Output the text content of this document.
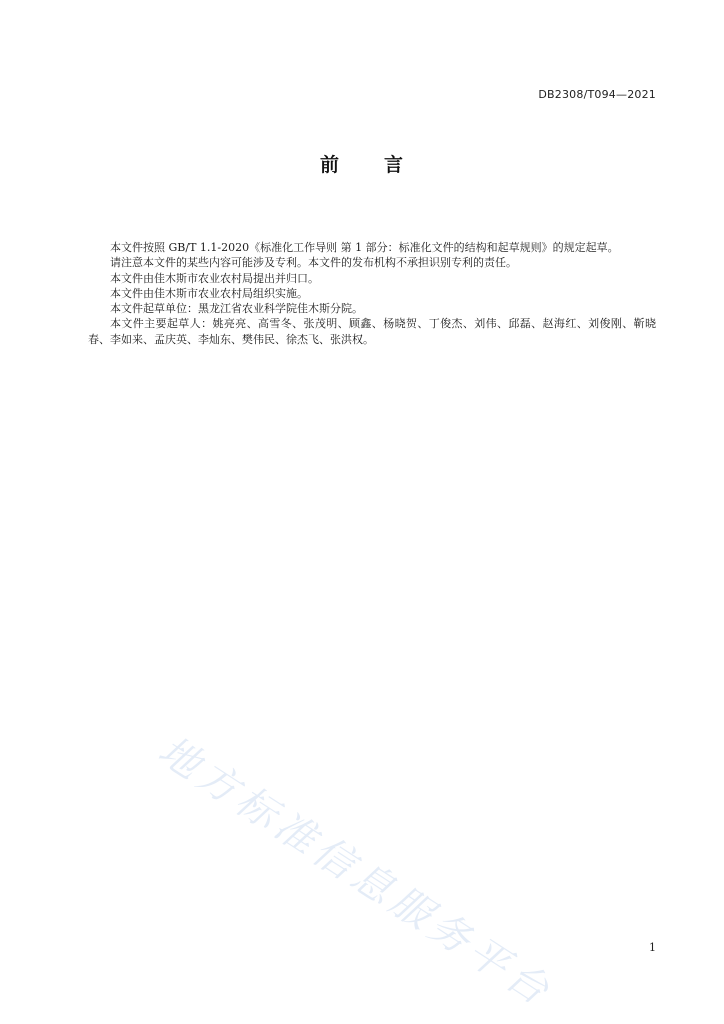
DB2308/T094—2021
前 言

本文件按照 GB/T 1.1-2020《标准化工作导则 第 1 部分：标准化文件的结构和起草规则》的规定起草。

请注意本文件的某些内容可能涉及专利。本文件的发布机构不承担识别专利的责任。

本文件由佳木斯市农业农村局提出并归口。

本文件由佳木斯市农业农村局组织实施。

本文件起草单位：黑龙江省农业科学院佳木斯分院。

本文件主要起草人：姚亮亮、高雪冬、张茂明、顾鑫、杨晓贺、丁俊杰、刘伟、邱磊、赵海红、刘俊刚、靳晓春、李如来、孟庆英、李灿东、樊伟民、徐杰飞、张洪权。

地方标准信息服务平台	1
